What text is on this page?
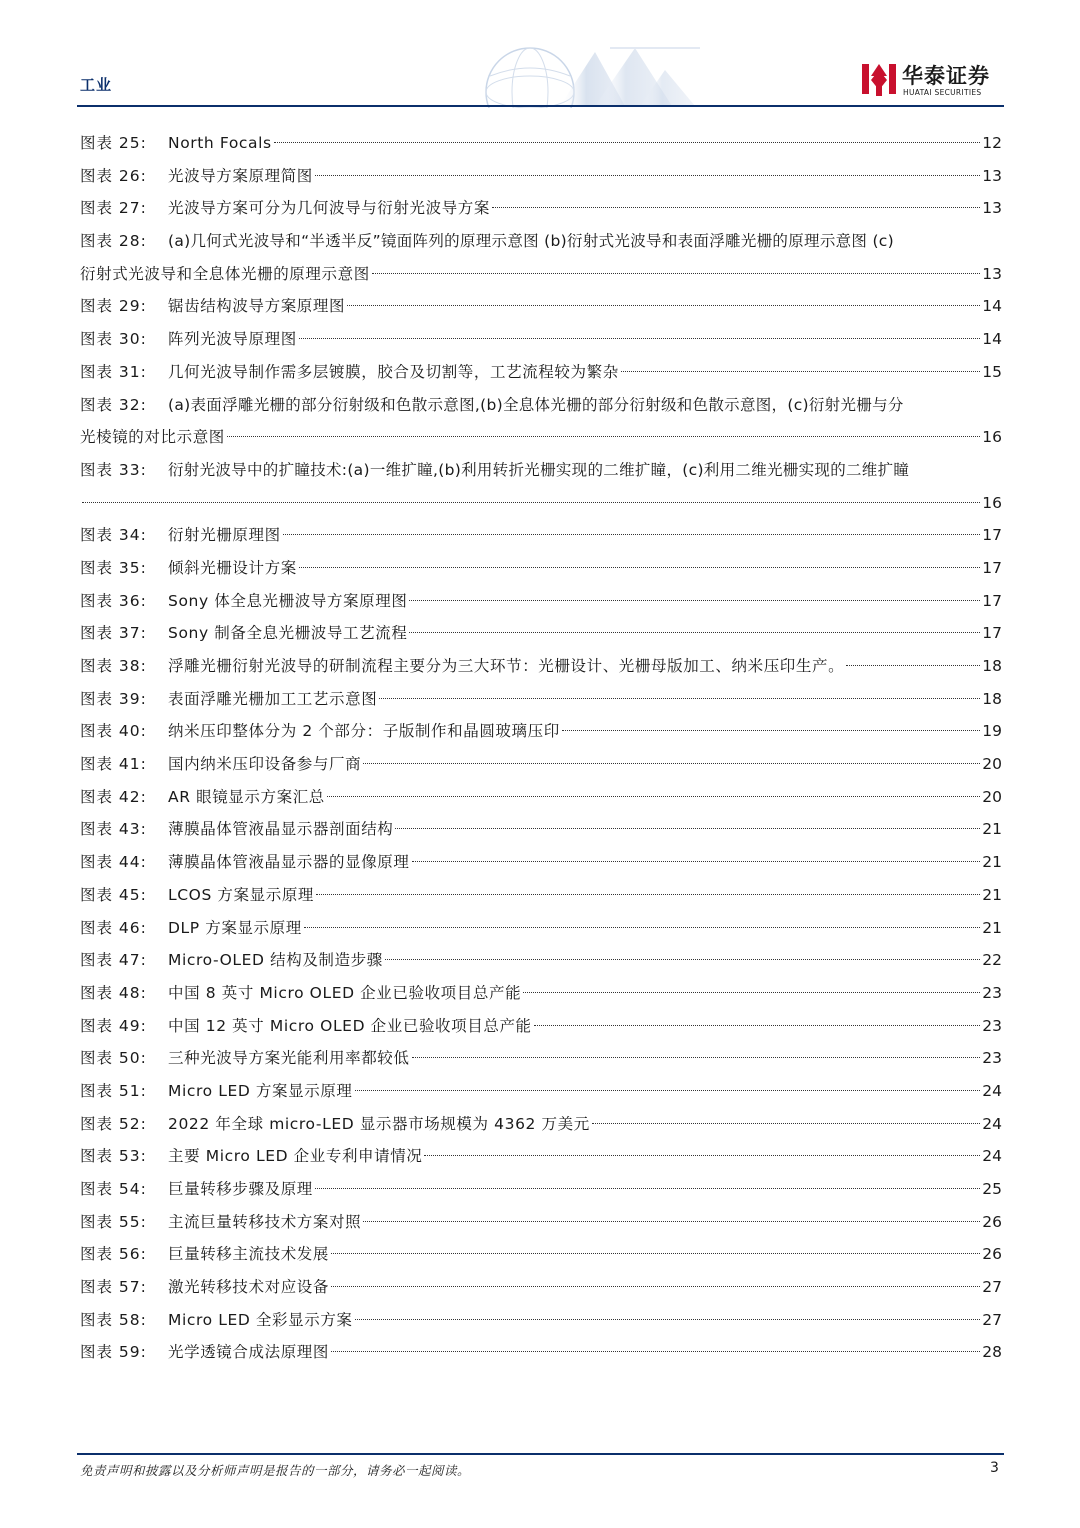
工业	华泰证券
HUATAI SECURITIES
图表 25:	North Focals	12
图表 26:	光波导方案原理简图	13
图表 27:	光波导方案可分为几何波导与衍射光波导方案	13
图表 28: (a)几何式光波导和“半透半反”镜面阵列的原理示意图 (b)衍射式光波导和表面浮雕光栅的原理示意图 (c)
衍射式光波导和全息体光栅的原理示意图	13
图表 29:	锯齿结构波导方案原理图	14
图表 30:	阵列光波导原理图	14
图表 31:	几何光波导制作需多层镀膜，胶合及切割等，工艺流程较为繁杂	15
图表 32: (a)表面浮雕光栅的部分衍射级和色散示意图,(b)全息体光栅的部分衍射级和色散示意图，(c)衍射光栅与分
光棱镜的对比示意图	16
图表 33: 衍射光波导中的扩瞳技术:(a)一维扩瞳,(b)利用转折光栅实现的二维扩瞳，(c)利用二维光栅实现的二维扩瞳
16
图表 34:	衍射光栅原理图	17
图表 35:	倾斜光栅设计方案	17
图表 36:	Sony 体全息光栅波导方案原理图	17
图表 37:	Sony 制备全息光栅波导工艺流程	17
图表 38:	浮雕光栅衍射光波导的研制流程主要分为三大环节：光栅设计、光栅母版加工、纳米压印生产。	18
图表 39:	表面浮雕光栅加工工艺示意图	18
图表 40:	纳米压印整体分为 2 个部分：子版制作和晶圆玻璃压印	19
图表 41:	国内纳米压印设备参与厂商	20
图表 42:	AR 眼镜显示方案汇总	20
图表 43:	薄膜晶体管液晶显示器剖面结构	21
图表 44:	薄膜晶体管液晶显示器的显像原理	21
图表 45:	LCOS 方案显示原理	21
图表 46:	DLP 方案显示原理	21
图表 47:	Micro-OLED 结构及制造步骤	22
图表 48:	中国 8 英寸 Micro OLED 企业已验收项目总产能	23
图表 49:	中国 12 英寸 Micro OLED 企业已验收项目总产能	23
图表 50:	三种光波导方案光能利用率都较低	23
图表 51:	Micro LED 方案显示原理	24
图表 52:	2022 年全球 micro-LED 显示器市场规模为 4362 万美元	24
图表 53:	主要 Micro LED 企业专利申请情况	24
图表 54:	巨量转移步骤及原理	25
图表 55:	主流巨量转移技术方案对照	26
图表 56:	巨量转移主流技术发展	26
图表 57:	激光转移技术对应设备	27
图表 58:	Micro LED 全彩显示方案	27
图表 59:	光学透镜合成法原理图	28
免责声明和披露以及分析师声明是报告的一部分，请务必一起阅读。	3
